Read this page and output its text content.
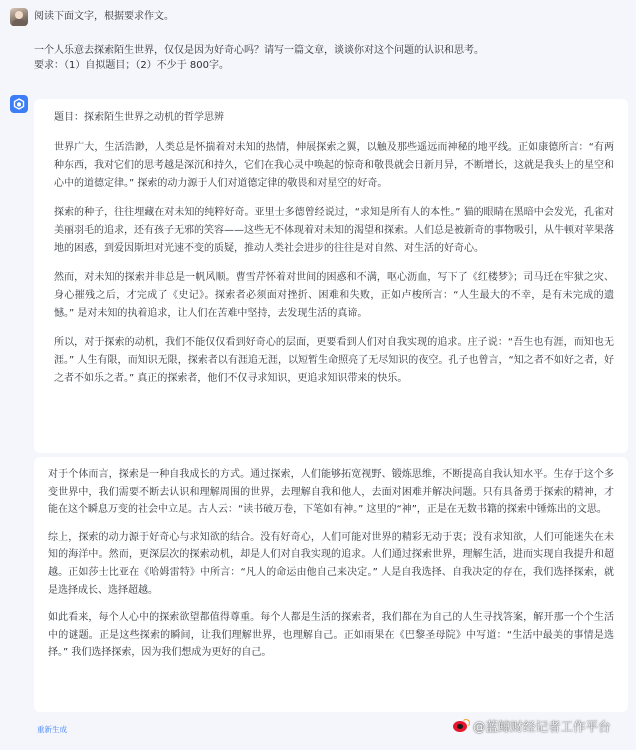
阅读下面文字，根据要求作文。

一个人乐意去探索陌生世界，仅仅是因为好奇心吗？请写一篇文章，谈谈你对这个问题的认识和思考。

要求：（1）自拟题目；（2）不少于 800字。

题目：探索陌生世界之动机的哲学思辨

世界广大，生活浩渺，人类总是怀揣着对未知的热情，伸展探索之翼，以触及那些遥远而神秘的地平线。正如康德所言：“有两种东西，我对它们的思考越是深沉和持久，它们在我心灵中唤起的惊奇和敬畏就会日新月异，不断增长，这就是我头上的星空和心中的道德定律。” 探索的动力源于人们对道德定律的敬畏和对星空的好奇。

探索的种子，往往埋藏在对未知的纯粹好奇。亚里士多德曾经说过，“求知是所有人的本性。” 猫的眼睛在黑暗中会发光，孔雀对美丽羽毛的追求，还有孩子无邪的笑容——这些无不体现着对未知的渴望和探索。人们总是被新奇的事物吸引，从牛顿对苹果落地的困惑，到爱因斯坦对光速不变的质疑，推动人类社会进步的往往是对自然、对生活的好奇心。

然而，对未知的探索并非总是一帆风顺。曹雪芹怀着对世间的困惑和不满，呕心沥血，写下了《红楼梦》；司马迁在牢狱之灾、身心摧残之后，才完成了《史记》。探索者必须面对挫折、困难和失败，正如卢梭所言：“人生最大的不幸，是有未完成的遗憾。” 是对未知的执着追求，让人们在苦难中坚持，去发现生活的真谛。

所以，对于探索的动机，我们不能仅仅看到好奇心的层面，更要看到人们对自我实现的追求。庄子说：“吾生也有涯，而知也无涯。” 人生有限，而知识无限，探索者以有涯追无涯，以短暂生命照亮了无尽知识的夜空。孔子也曾言，“知之者不如好之者，好之者不如乐之者。” 真正的探索者，他们不仅寻求知识，更追求知识带来的快乐。

对于个体而言，探索是一种自我成长的方式。通过探索，人们能够拓宽视野、锻炼思维，不断提高自我认知水平。生存于这个多变世界中，我们需要不断去认识和理解周围的世界，去理解自我和他人，去面对困难并解决问题。只有具备勇于探索的精神，才能在这个瞬息万变的社会中立足。古人云：“读书破万卷，下笔如有神。” 这里的“神”，正是在无数书籍的探索中锤炼出的文思。

综上，探索的动力源于好奇心与求知欲的结合。没有好奇心，人们可能对世界的精彩无动于衷；没有求知欲，人们可能迷失在未知的海洋中。然而，更深层次的探索动机，却是人们对自我实现的追求。人们通过探索世界，理解生活，进而实现自我提升和超越。正如莎士比亚在《哈姆雷特》中所言：“凡人的命运由他自己来决定。” 人是自我选择、自我决定的存在，我们选择探索，就是选择成长、选择超越。

如此看来，每个人心中的探索欲望都值得尊重。每个人都是生活的探索者，我们都在为自己的人生寻找答案，解开那一个个生活中的谜题。正是这些探索的瞬间，让我们理解世界，也理解自己。正如雨果在《巴黎圣母院》中写道：“生活中最美的事情是选择。” 我们选择探索，因为我们想成为更好的自己。

重新生成	@蓝鲸财经记者工作平台
